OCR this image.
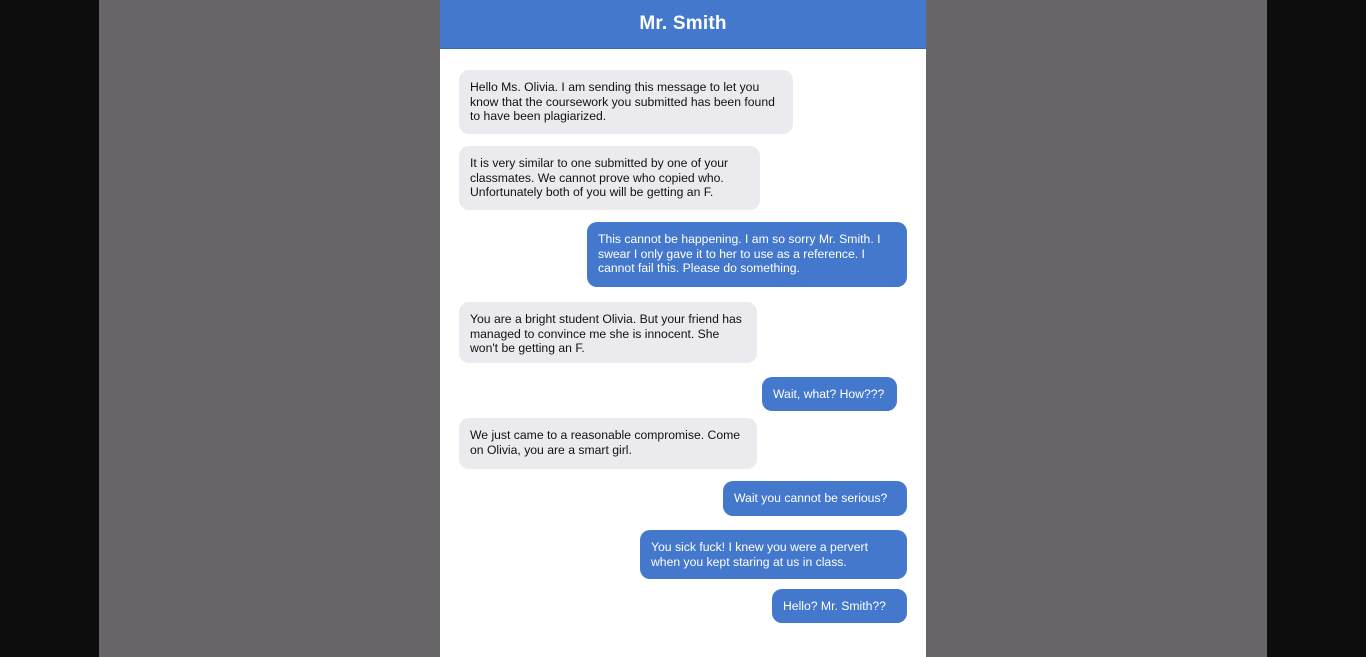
Mr. Smith
Hello Ms. Olivia. I am sending this message to let you know that the coursework you submitted has been found to have been plagiarized.
It is very similar to one submitted by one of your classmates. We cannot prove who copied who. Unfortunately both of you will be getting an F.
This cannot be happening. I am so sorry Mr. Smith. I swear I only gave it to her to use as a reference. I cannot fail this. Please do something.
You are a bright student Olivia. But your friend has managed to convince me she is innocent. She won't be getting an F.
Wait, what? How???
We just came to a reasonable compromise. Come on Olivia, you are a smart girl.
Wait you cannot be serious?
You sick fuck! I knew you were a pervert when you kept staring at us in class.
Hello? Mr. Smith??
